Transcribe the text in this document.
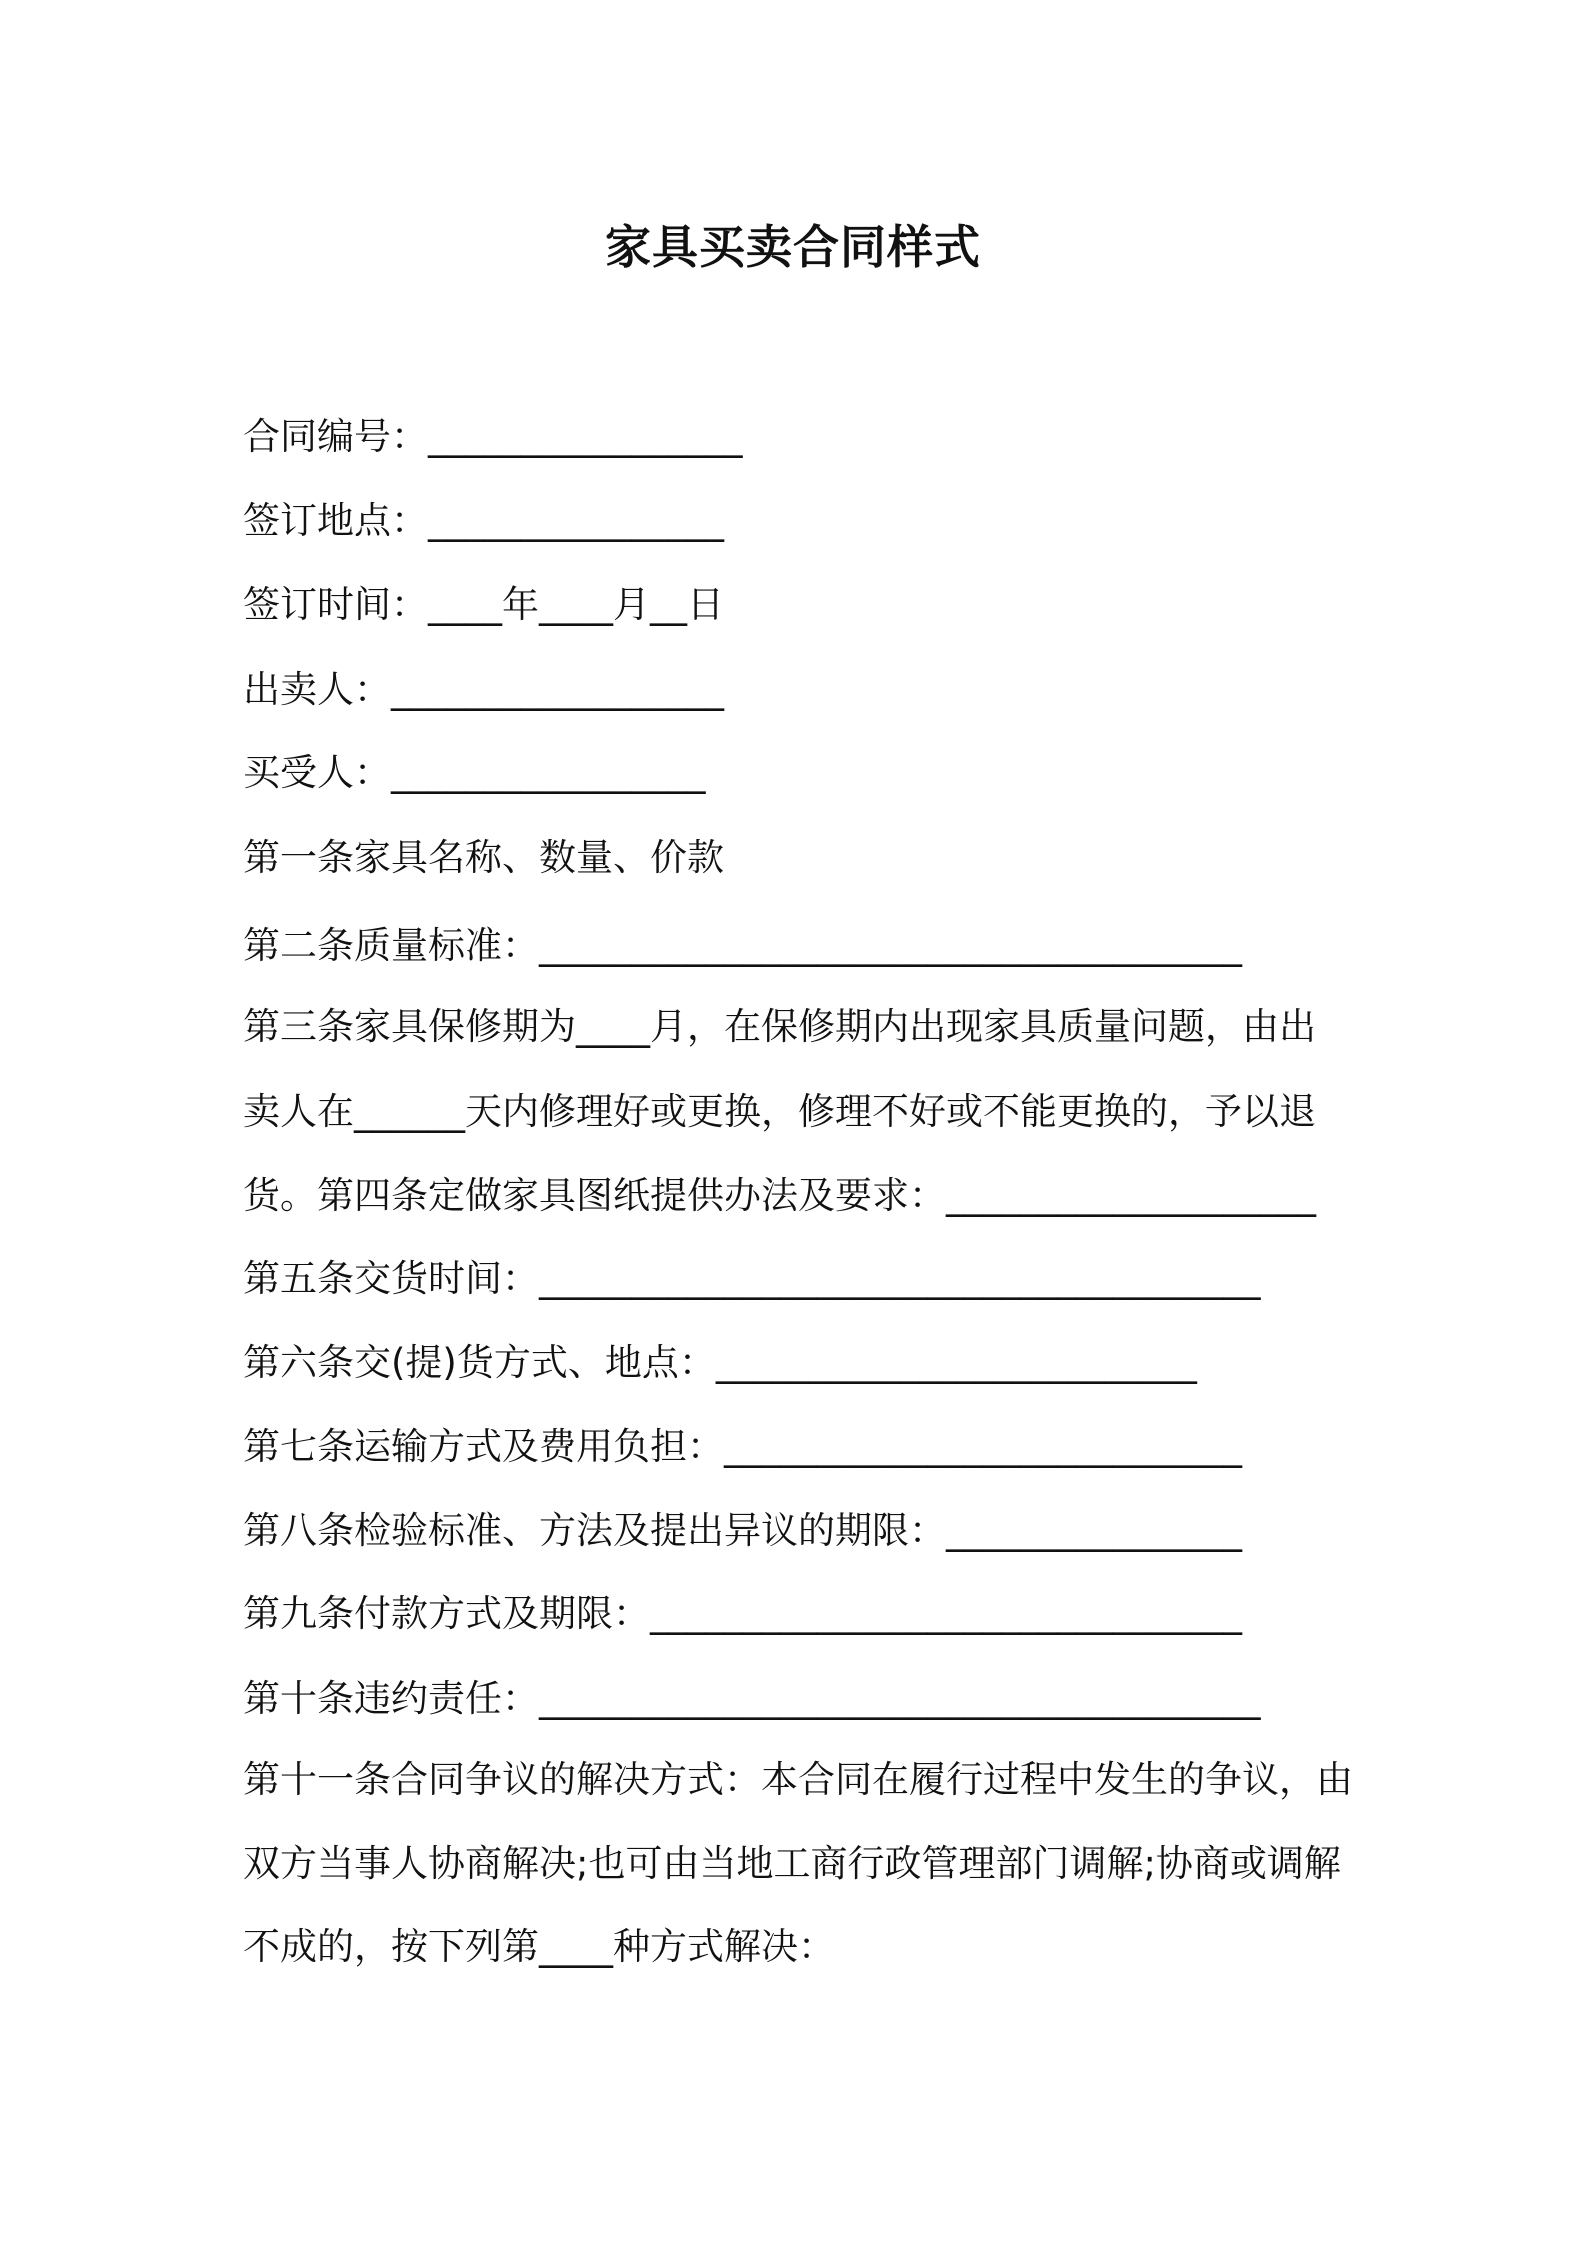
家具买卖合同样式
合同编号：_________________
签订地点：________________
签订时间：____年____月__日
出卖人：__________________
买受人：_________________
第一条家具名称、数量、价款
第二条质量标准：______________________________________
第三条家具保修期为____月，在保修期内出现家具质量问题，由出
卖人在______天内修理好或更换，修理不好或不能更换的，予以退
货。第四条定做家具图纸提供办法及要求：____________________
第五条交货时间：_______________________________________
第六条交(提)货方式、地点：__________________________
第七条运输方式及费用负担：____________________________
第八条检验标准、方法及提出异议的期限：________________
第九条付款方式及期限：________________________________
第十条违约责任：_______________________________________
第十一条合同争议的解决方式：本合同在履行过程中发生的争议，由
双方当事人协商解决;也可由当地工商行政管理部门调解;协商或调解
不成的，按下列第____种方式解决：
